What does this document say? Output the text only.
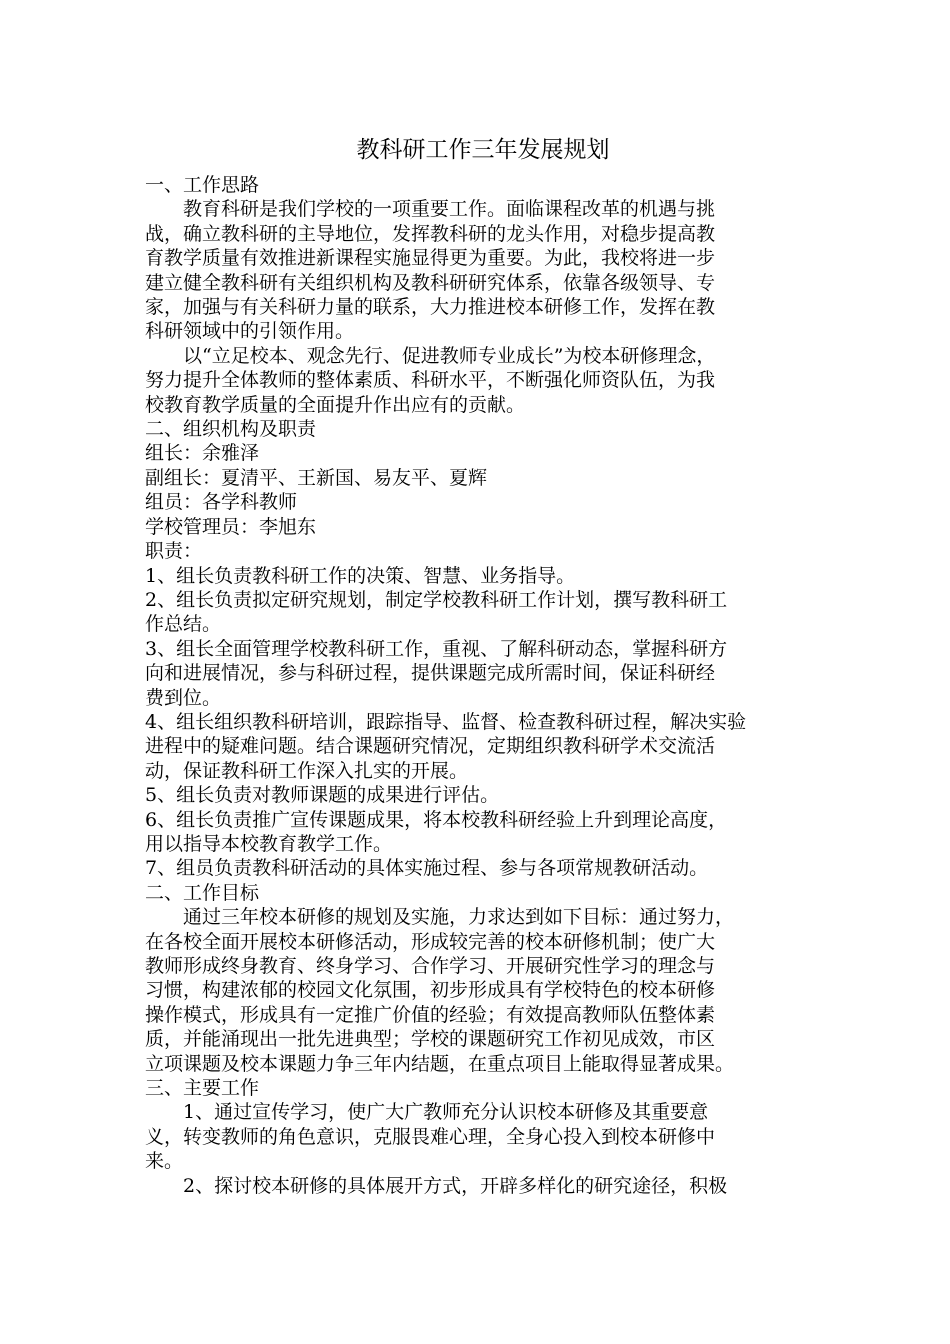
教科研工作三年发展规划
一、工作思路
教育科研是我们学校的一项重要工作。面临课程改革的机遇与挑
战，确立教科研的主导地位，发挥教科研的龙头作用，对稳步提高教
育教学质量有效推进新课程实施显得更为重要。为此，我校将进一步
建立健全教科研有关组织机构及教科研研究体系，依靠各级领导、专
家，加强与有关科研力量的联系，大力推进校本研修工作，发挥在教
科研领域中的引领作用。
以“立足校本、观念先行、促进教师专业成长”为校本研修理念，
努力提升全体教师的整体素质、科研水平，不断强化师资队伍，为我
校教育教学质量的全面提升作出应有的贡献。
二、组织机构及职责
组长：余雅泽
副组长：夏清平、王新国、易友平、夏辉
组员：各学科教师
学校管理员：李旭东
职责：
1、组长负责教科研工作的决策、智慧、业务指导。
2、组长负责拟定研究规划，制定学校教科研工作计划，撰写教科研工
作总结。
3、组长全面管理学校教科研工作，重视、了解科研动态，掌握科研方
向和进展情况，参与科研过程，提供课题完成所需时间，保证科研经
费到位。
4、组长组织教科研培训，跟踪指导、监督、检查教科研过程，解决实验
进程中的疑难问题。结合课题研究情况，定期组织教科研学术交流活
动，保证教科研工作深入扎实的开展。
5、组长负责对教师课题的成果进行评估。
6、组长负责推广宣传课题成果，将本校教科研经验上升到理论高度，
用以指导本校教育教学工作。
7、组员负责教科研活动的具体实施过程、参与各项常规教研活动。
二、工作目标
通过三年校本研修的规划及实施，力求达到如下目标：通过努力，
在各校全面开展校本研修活动，形成较完善的校本研修机制；使广大
教师形成终身教育、终身学习、合作学习、开展研究性学习的理念与
习惯，构建浓郁的校园文化氛围，初步形成具有学校特色的校本研修
操作模式，形成具有一定推广价值的经验；有效提高教师队伍整体素
质，并能涌现出一批先进典型；学校的课题研究工作初见成效，市区
立项课题及校本课题力争三年内结题，在重点项目上能取得显著成果。
三、主要工作
1、通过宣传学习，使广大广教师充分认识校本研修及其重要意
义，转变教师的角色意识，克服畏难心理，全身心投入到校本研修中
来。
2、探讨校本研修的具体展开方式，开辟多样化的研究途径，积极
